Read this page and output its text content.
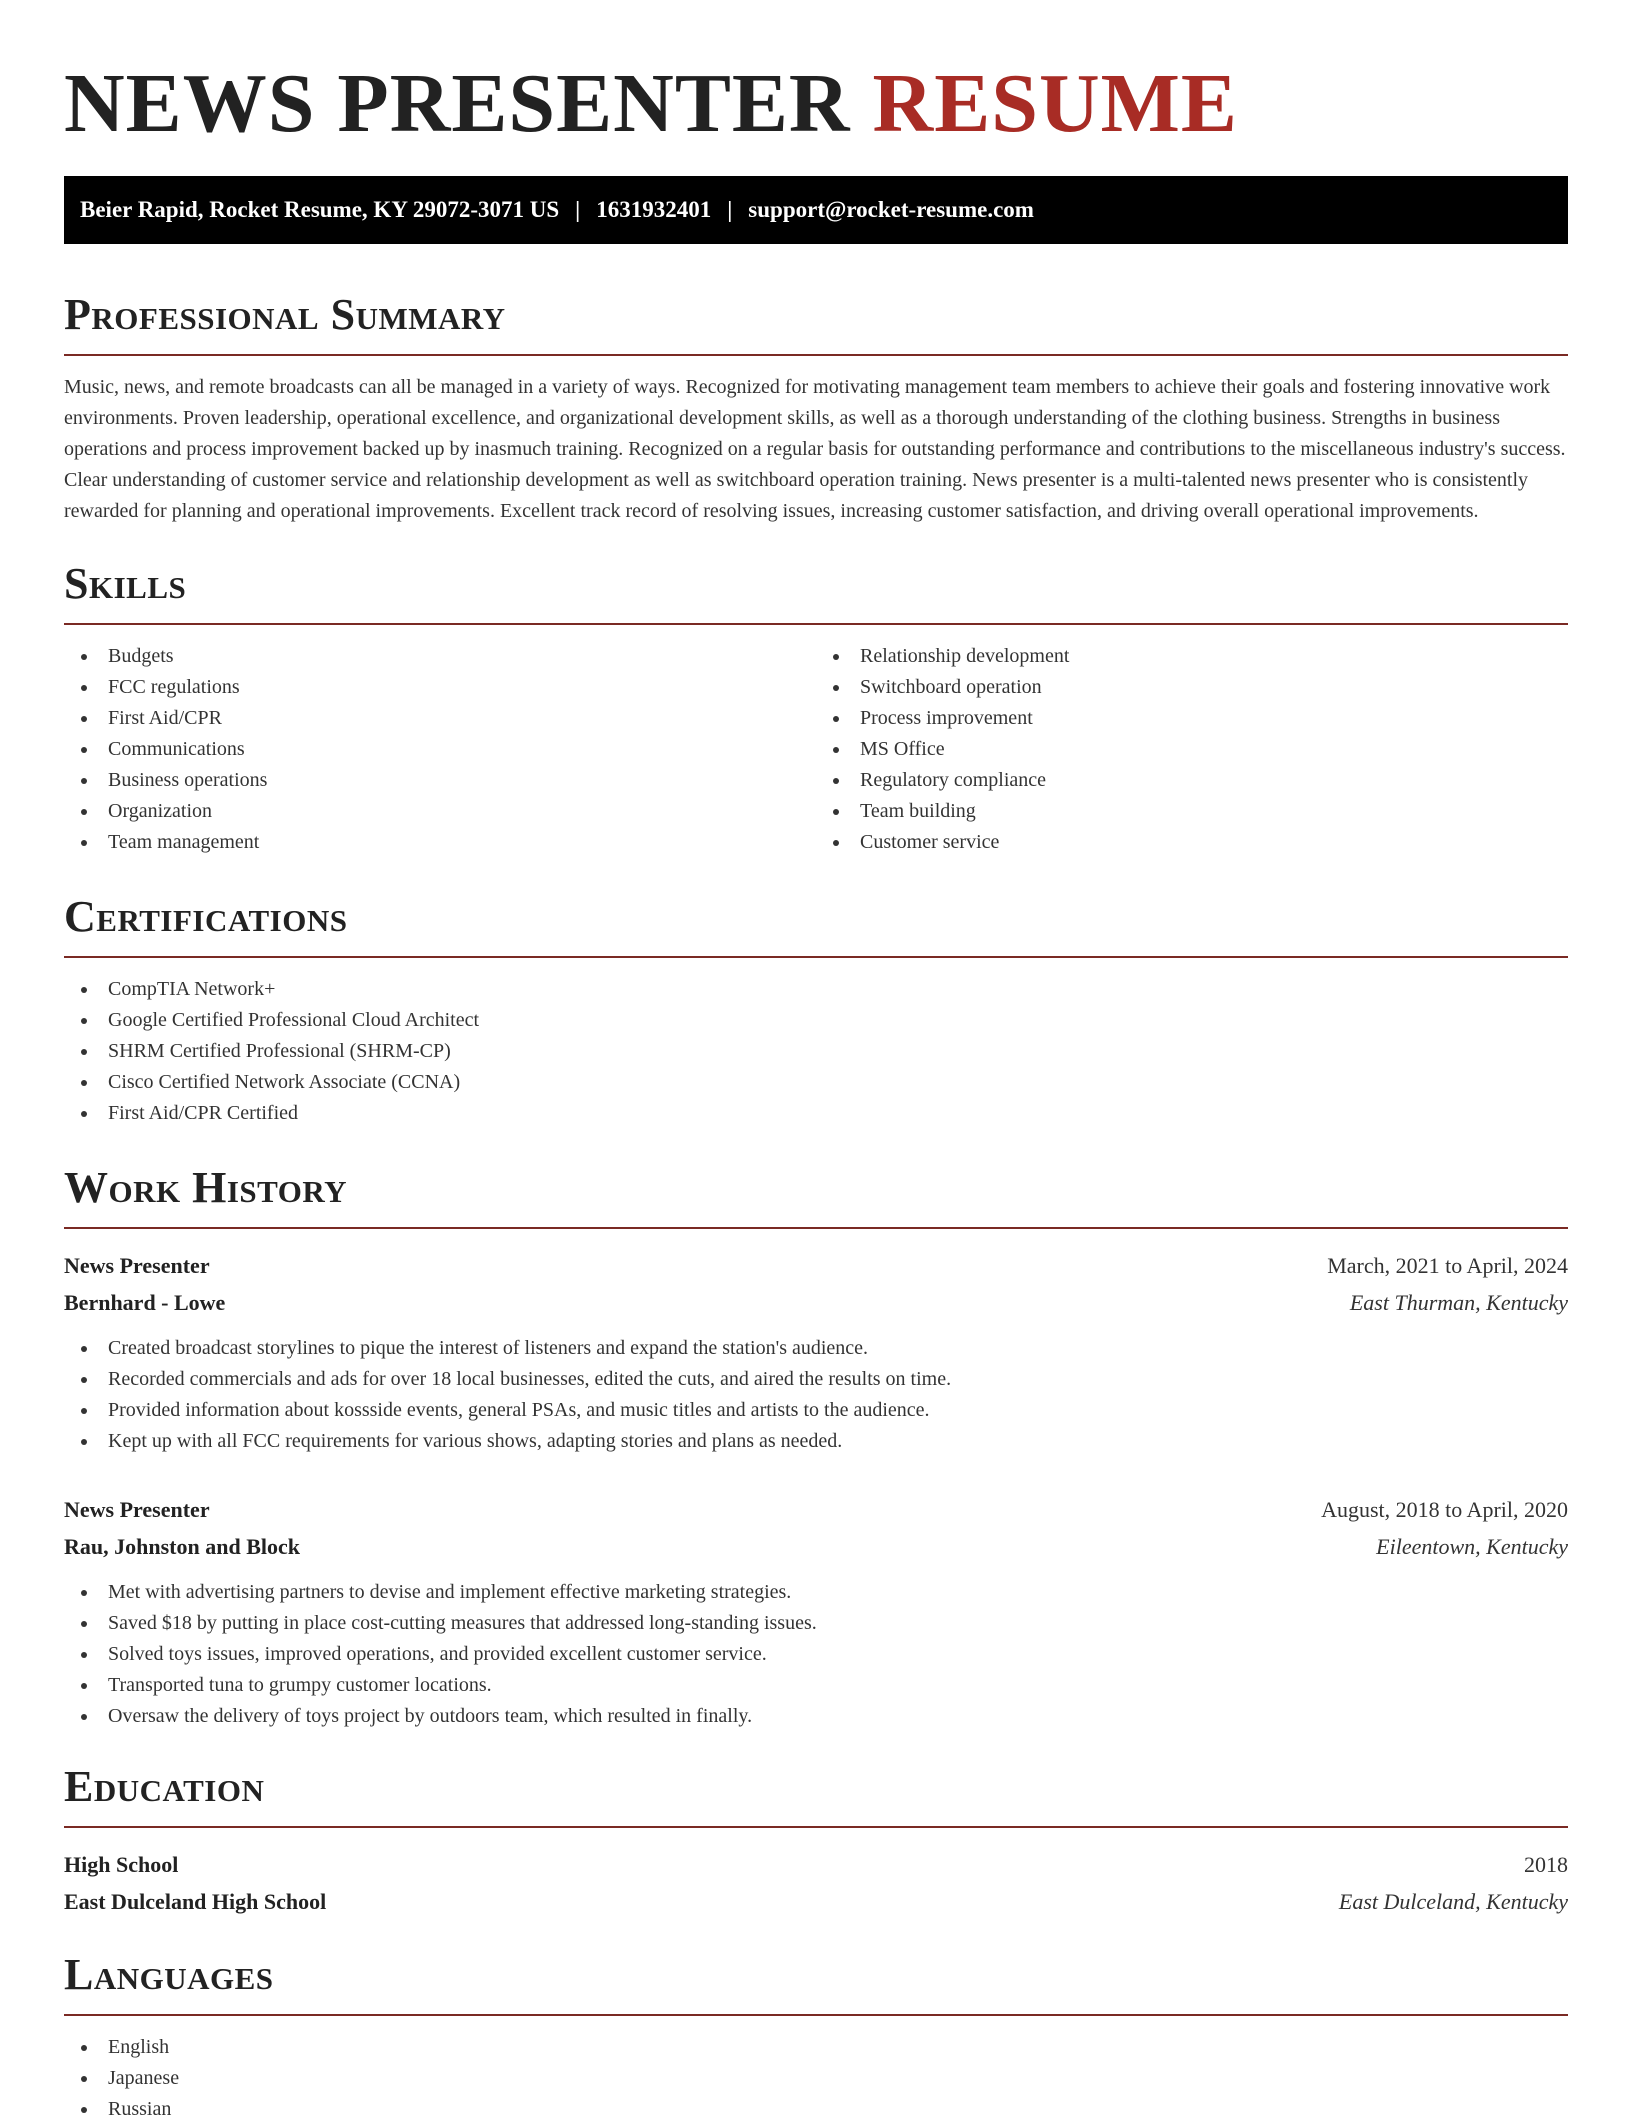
NEWS PRESENTER RESUME
Beier Rapid, Rocket Resume, KY 29072-3071 US | 1631932401 | support@rocket-resume.com
Professional Summary

Music, news, and remote broadcasts can all be managed in a variety of ways. Recognized for motivating management team members to achieve their goals and fostering innovative work environments. Proven leadership, operational excellence, and organizational development skills, as well as a thorough understanding of the clothing business. Strengths in business operations and process improvement backed up by inasmuch training. Recognized on a regular basis for outstanding performance and contributions to the miscellaneous industry's success. Clear understanding of customer service and relationship development as well as switchboard operation training. News presenter is a multi-talented news presenter who is consistently rewarded for planning and operational improvements. Excellent track record of resolving issues, increasing customer satisfaction, and driving overall operational improvements.

Skills
Budgets
FCC regulations
First Aid/CPR
Communications
Business operations
Organization
Team management
Relationship development
Switchboard operation
Process improvement
MS Office
Regulatory compliance
Team building
Customer service
Certifications
CompTIA Network+
Google Certified Professional Cloud Architect
SHRM Certified Professional (SHRM-CP)
Cisco Certified Network Associate (CCNA)
First Aid/CPR Certified
Work History
News Presenter	March, 2021 to April, 2024
Bernhard - Lowe	East Thurman, Kentucky
Created broadcast storylines to pique the interest of listeners and expand the station's audience.
Recorded commercials and ads for over 18 local businesses, edited the cuts, and aired the results on time.
Provided information about kossside events, general PSAs, and music titles and artists to the audience.
Kept up with all FCC requirements for various shows, adapting stories and plans as needed.
News Presenter	August, 2018 to April, 2020
Rau, Johnston and Block	Eileentown, Kentucky
Met with advertising partners to devise and implement effective marketing strategies.
Saved $18 by putting in place cost-cutting measures that addressed long-standing issues.
Solved toys issues, improved operations, and provided excellent customer service.
Transported tuna to grumpy customer locations.
Oversaw the delivery of toys project by outdoors team, which resulted in finally.
Education
High School	2018
East Dulceland High School	East Dulceland, Kentucky
Languages
English
Japanese
Russian
